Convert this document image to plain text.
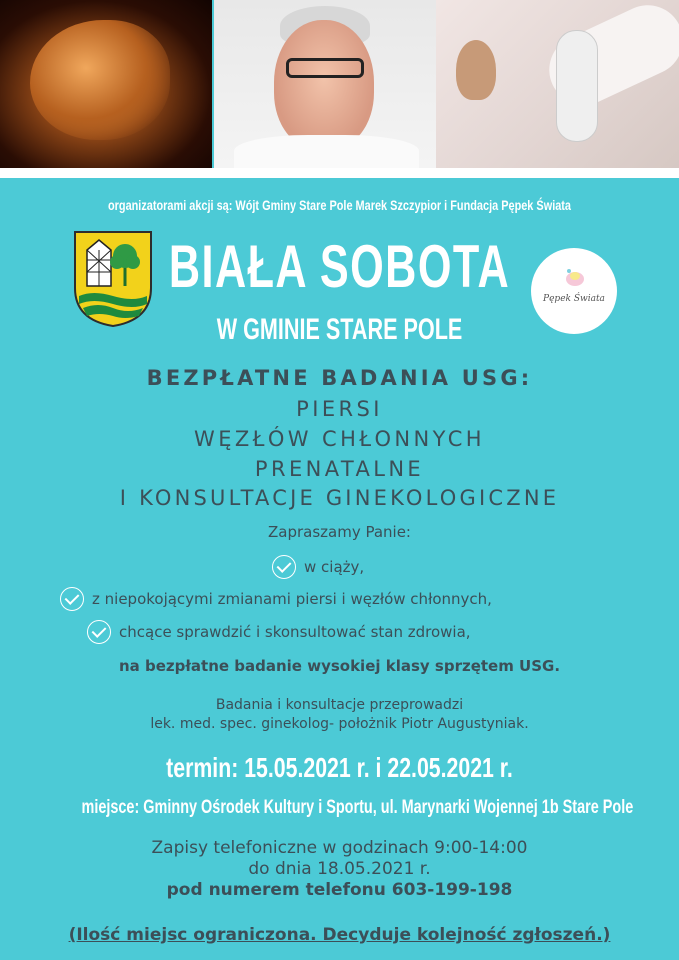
organizatorami akcji są: Wójt Gminy Stare Pole Marek Szczypior i Fundacja Pępek Świata
BIAŁA SOBOTA
W GMINIE STARE POLE
Pępek Świata
BEZPŁATNE BADANIA USG:
PIERSI
WĘZŁÓW CHŁONNYCH
PRENATALNE
I KONSULTACJE GINEKOLOGICZNE
Zapraszamy Panie:
w ciąży,
z niepokojącymi zmianami piersi i węzłów chłonnych,
chcące sprawdzić i skonsultować stan zdrowia,
na bezpłatne badanie wysokiej klasy sprzętem USG.
Badania i konsultacje przeprowadzi
lek. med. spec. ginekolog- położnik Piotr Augustyniak.
termin: 15.05.2021 r. i 22.05.2021 r.
miejsce: Gminny Ośrodek Kultury i Sportu, ul. Marynarki Wojennej 1b Stare Pole
Zapisy telefoniczne w godzinach 9:00-14:00
do dnia 18.05.2021 r.
pod numerem telefonu 603-199-198
(Ilość miejsc ograniczona. Decyduje kolejność zgłoszeń.)
